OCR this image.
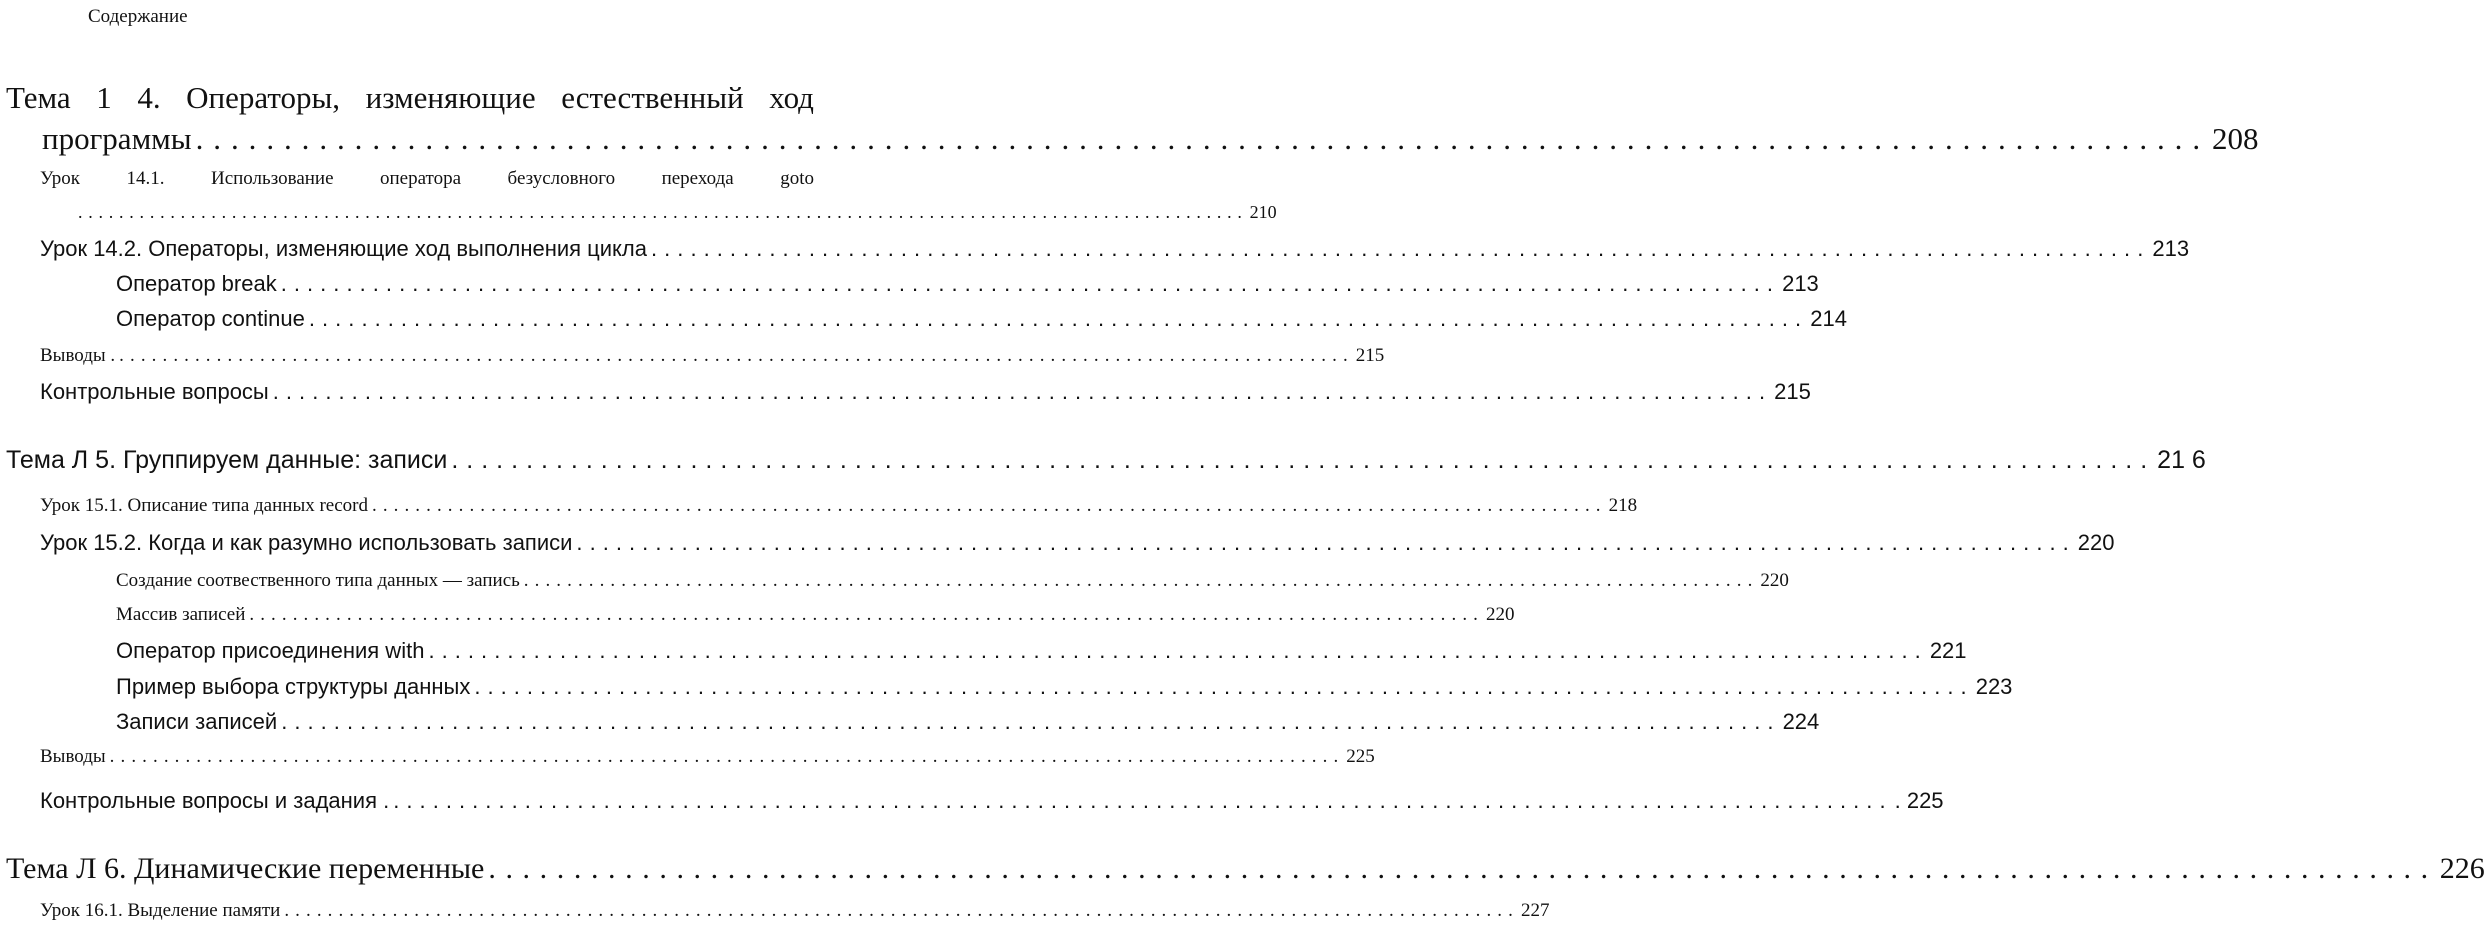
Содержание
Тема 1 4. Операторы, изменяющие естественный ход
программы .................................................................................................................. 208
Урок 14.1. Использование оператора безусловного перехода goto
.................................................................................................................. 210
Урок 14.2. Операторы, изменяющие ход выполнения цикла .................................................................................................................. 213
Оператор break .................................................................................................................. 213
Оператор continue .................................................................................................................. 214
Выводы . .................................................................................................................. 215
Контрольные вопросы .................................................................................................................. 215
Тема Л 5. Группируем данные: записи .................................................................................................................. 21 6
Урок 15.1. Описание типа данных record .................................................................................................................. 218
Урок 15.2. Когда и как разумно использовать записи .................................................................................................................. 220
Создание соотвественного типа данных — запись .................................................................................................................. 220
Массив записей .................................................................................................................. 220
Оператор присоединения with .................................................................................................................. 221
Пример выбора структуры данных .................................................................................................................. 223
Записи записей .................................................................................................................. 224
Выводы .................................................................................................................. 225
Контрольные вопросы и задания . .................................................................................................................. . 225
Тема Л 6. Динамические переменные .................................................................................................................. 226
Урок 16.1. Выделение памяти .................................................................................................................. 227
